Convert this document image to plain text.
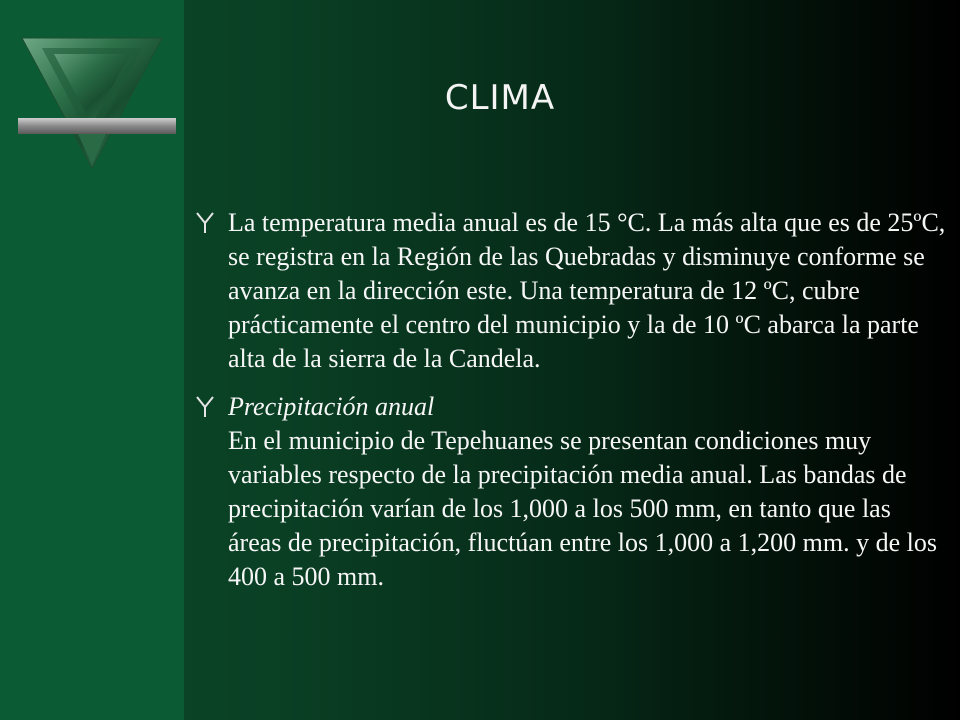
CLIMA
La temperatura media anual es de 15 °C. La más alta que es de 25ºC, se registra en la Región de las Quebradas y disminuye conforme se avanza en la dirección este. Una temperatura de 12 ºC, cubre prácticamente el centro del municipio y la de 10 ºC abarca la parte alta de la sierra de la Candela.
Precipitación anual
En el municipio de Tepehuanes se presentan condiciones muy variables respecto de la precipitación media anual. Las bandas de precipitación varían de los 1,000 a los 500 mm, en tanto que las áreas de precipitación, fluctúan entre los 1,000 a 1,200 mm. y de los 400 a 500 mm.
